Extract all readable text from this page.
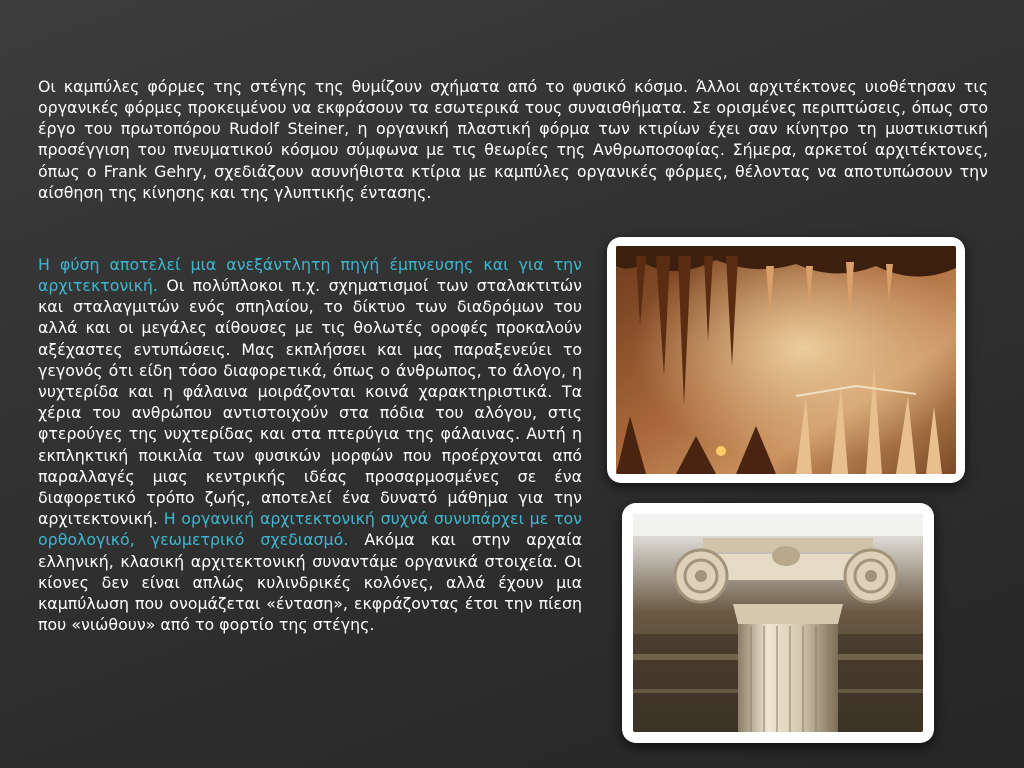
Οι καμπύλες φόρμες της στέγης της θυμίζουν σχήματα από το φυσικό κόσμο. Άλλοι αρχιτέκτονες υιοθέτησαν τις οργανικές φόρμες προκειμένου να εκφράσουν τα εσωτερικά τους συναισθήματα. Σε ορισμένες περιπτώσεις, όπως στο έργο του πρωτοπόρου Rudolf Steiner, η οργανική πλαστική φόρμα των κτιρίων έχει σαν κίνητρο τη μυστικιστική προσέγγιση του πνευματικού κόσμου σύμφωνα με τις θεωρίες της Ανθρωποσοφίας. Σήμερα, αρκετοί αρχιτέκτονες, όπως ο Frank Gehry, σχεδιάζουν ασυνήθιστα κτίρια με καμπύλες οργανικές φόρμες, θέλοντας να αποτυπώσουν την αίσθηση της κίνησης και της γλυπτικής έντασης.

Η φύση αποτελεί μια ανεξάντλητη πηγή έμπνευσης και για την αρχιτεκτονική. Οι πολύπλοκοι π.χ. σχηματισμοί των σταλακτιτών και σταλαγμιτών ενός σπηλαίου, το δίκτυο των διαδρόμων του αλλά και οι μεγάλες αίθουσες με τις θολωτές οροφές προκαλούν αξέχαστες εντυπώσεις. Μας εκπλήσσει και μας παραξενεύει το γεγονός ότι είδη τόσο διαφορετικά, όπως ο άνθρωπος, το άλογο, η νυχτερίδα και η φάλαινα μοιράζονται κοινά χαρακτηριστικά. Τα χέρια του ανθρώπου αντιστοιχούν στα πόδια του αλόγου, στις φτερούγες της νυχτερίδας και στα πτερύγια της φάλαινας. Αυτή η εκπληκτική ποικιλία των φυσικών μορφών που προέρχονται από παραλλαγές μιας κεντρικής ιδέας προσαρμοσμένες σε ένα διαφορετικό τρόπο ζωής, αποτελεί ένα δυνατό μάθημα για την αρχιτεκτονική. Η οργανική αρχιτεκτονική συχνά συνυπάρχει με τον ορθολογικό, γεωμετρικό σχεδιασμό. Ακόμα και στην αρχαία ελληνική, κλασική αρχιτεκτονική συναντάμε οργανικά στοιχεία. Οι κίονες δεν είναι απλώς κυλινδρικές κολόνες, αλλά έχουν μια καμπύλωση που ονομάζεται «ένταση», εκφράζοντας έτσι την πίεση που «νιώθουν» από το φορτίο της στέγης.
